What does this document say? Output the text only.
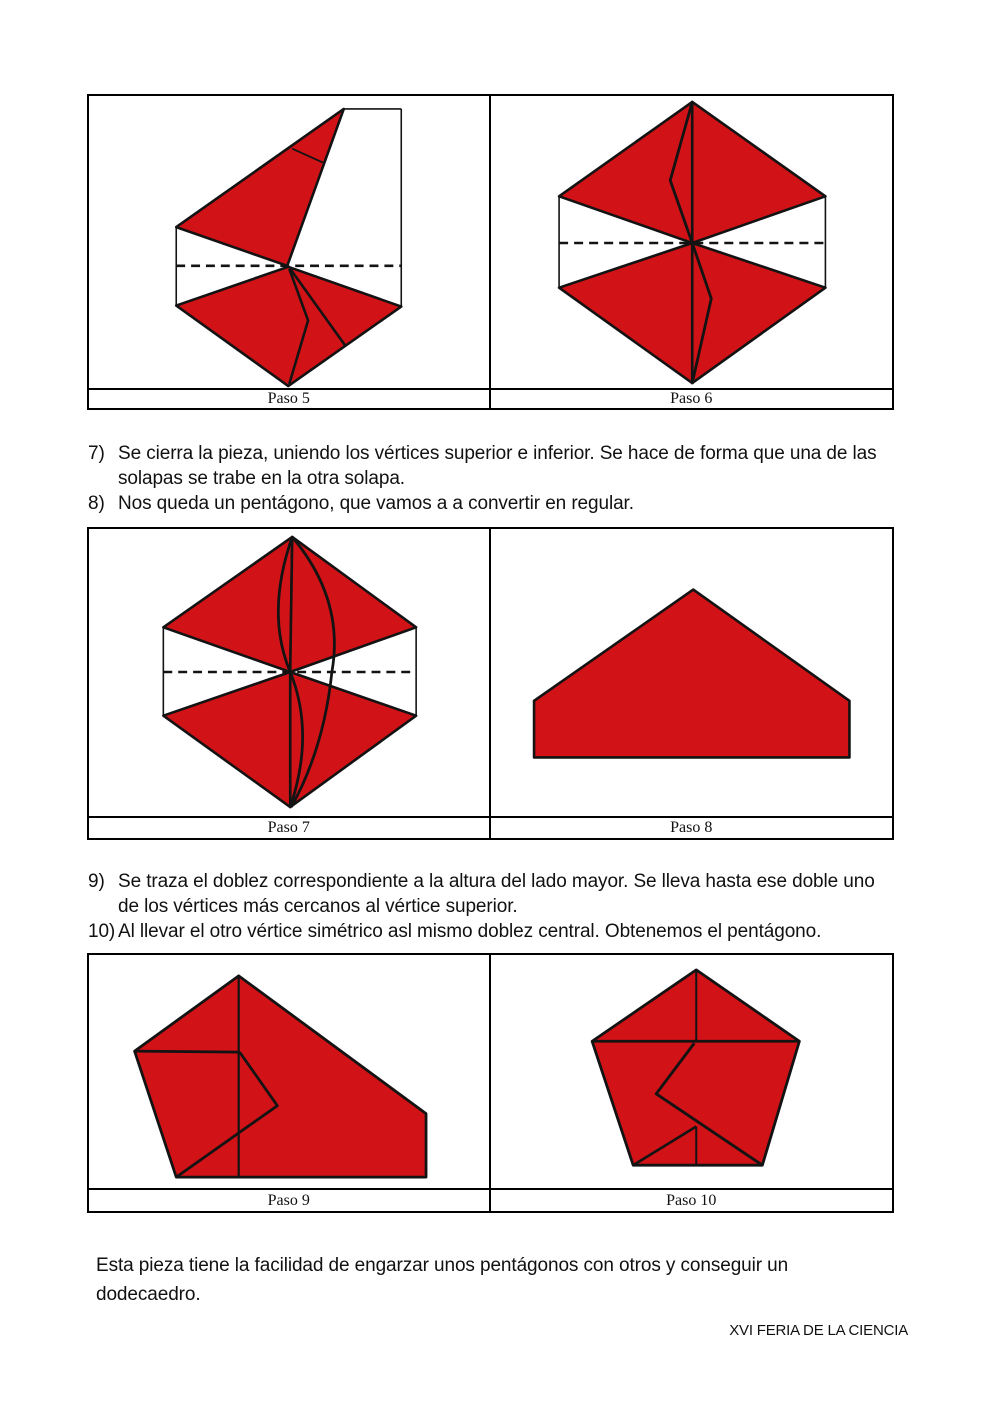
Paso 5	Paso 6
7) Se cierra la pieza, uniendo los vértices superior e inferior. Se hace de forma que una de las solapas se trabe en la otra solapa.
8) Nos queda un pentágono, que vamos a a convertir en regular.
Paso 7	Paso 8
9) Se traza el doblez correspondiente a la altura del lado mayor. Se lleva hasta ese doble uno de los vértices más cercanos al vértice superior.
10) Al llevar el otro vértice simétrico asl mismo doblez central. Obtenemos el pentágono.
Paso 9	Paso 10
Esta pieza tiene la facilidad de engarzar unos pentágonos con otros y conseguir un dodecaedro.
XVI FERIA DE LA CIENCIA
